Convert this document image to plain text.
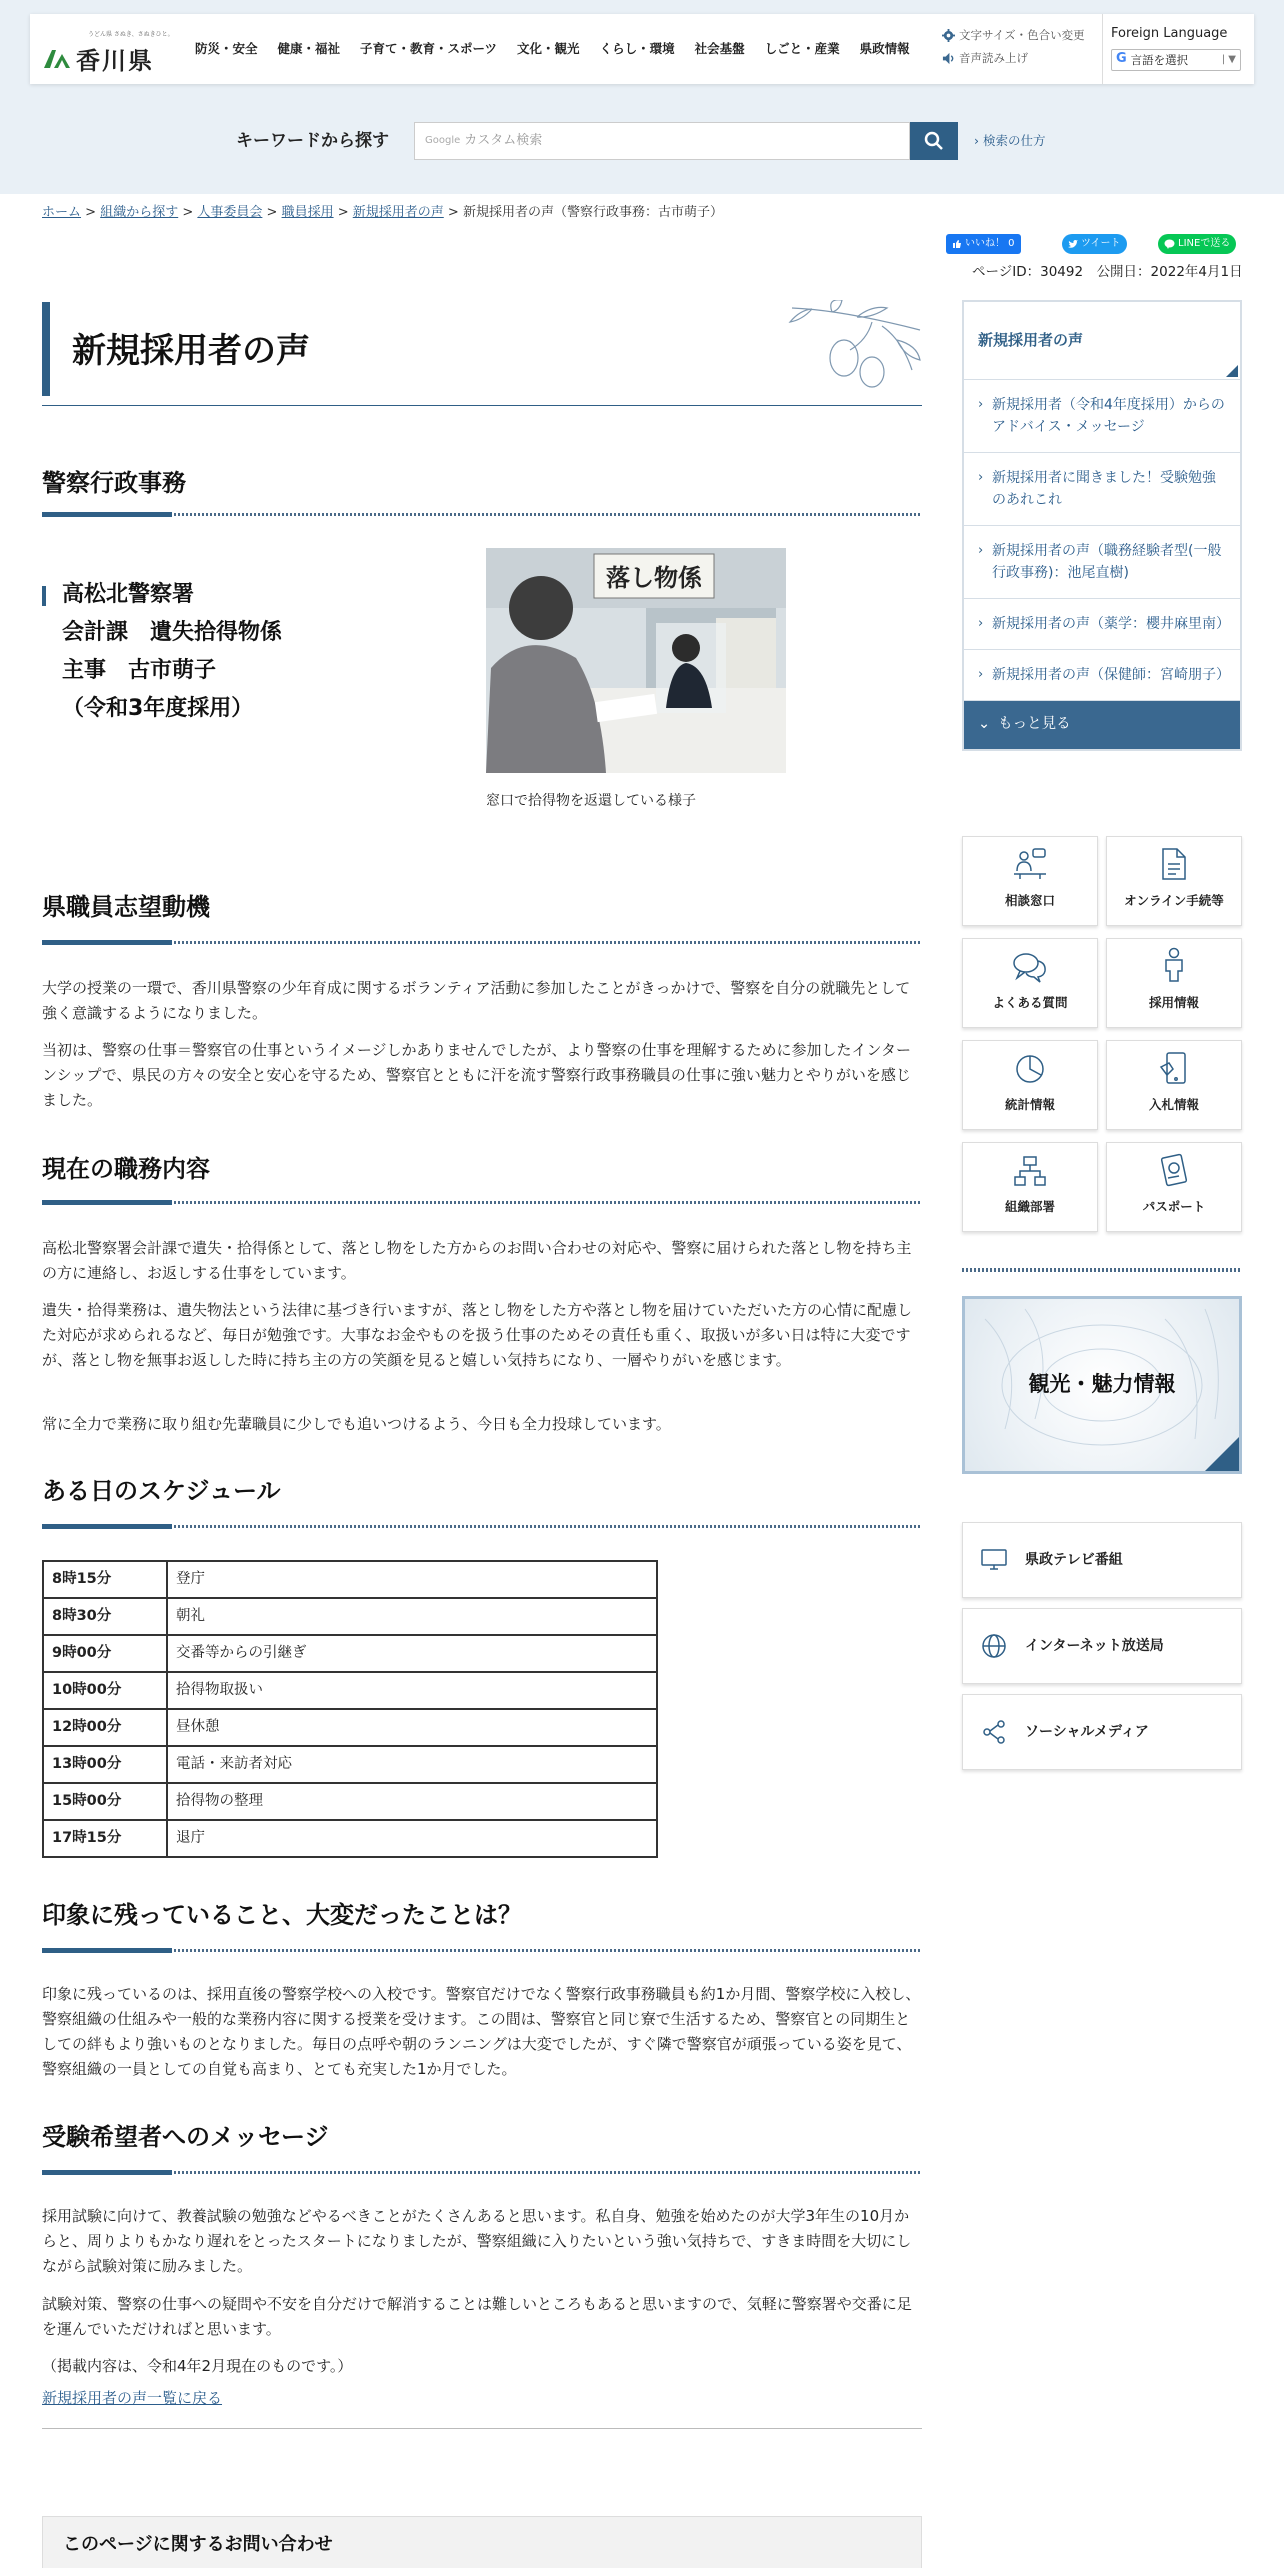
うどん県 さぬき、さぬきひと。
香川県	防災・安全 健康・福祉 子育て・教育・スポーツ 文化・観光 くらし・環境 社会基盤 しごと・産業 県政情報
文字サイズ・色合い変更
音声読み上げ
Foreign Language
G 言語を選択	| ▼
キーワードから探す	Google カスタム検索	› 検索の仕方
ホーム > 組織から探す > 人事委員会 > 職員採用 > 新規採用者の声 > 新規採用者の声（警察行政事務：古市萌子）
いいね！ 0	ツイート	LINEで送る
ページID：30492　 公開日：2022年4月1日
新規採用者の声
警察行政事務
高松北警察署
会計課　遺失拾得物係
主事　古市萌子
（令和3年度採用）
落し物係
窓口で拾得物を返還している様子
県職員志望動機

大学の授業の一環で、香川県警察の少年育成に関するボランティア活動に参加したことがきっかけで、警察を自分の就職先として強く意識するようになりました。

当初は、警察の仕事＝警察官の仕事というイメージしかありませんでしたが、より警察の仕事を理解するために参加したインターンシップで、県民の方々の安全と安心を守るため、警察官とともに汗を流す警察行政事務職員の仕事に強い魅力とやりがいを感じました。

現在の職務内容

高松北警察署会計課で遺失・拾得係として、落とし物をした方からのお問い合わせの対応や、警察に届けられた落とし物を持ち主の方に連絡し、お返しする仕事をしています。

遺失・拾得業務は、遺失物法という法律に基づき行いますが、落とし物をした方や落とし物を届けていただいた方の心情に配慮した対応が求められるなど、毎日が勉強です。大事なお金やものを扱う仕事のためその責任も重く、取扱いが多い日は特に大変ですが、落とし物を無事お返しした時に持ち主の方の笑顔を見ると嬉しい気持ちになり、一層やりがいを感じます。

常に全力で業務に取り組む先輩職員に少しでも追いつけるよう、今日も全力投球しています。

ある日のスケジュール
8時15分	登庁
8時30分	朝礼
9時00分	交番等からの引継ぎ
10時00分	拾得物取扱い
12時00分	昼休憩
13時00分	電話・来訪者対応
15時00分	拾得物の整理
17時15分	退庁
印象に残っていること、大変だったことは？

印象に残っているのは、採用直後の警察学校への入校です。警察官だけでなく警察行政事務職員も約1か月間、警察学校に入校し、警察組織の仕組みや一般的な業務内容に関する授業を受けます。この間は、警察官と同じ寮で生活するため、警察官との同期生としての絆もより強いものとなりました。毎日の点呼や朝のランニングは大変でしたが、すぐ隣で警察官が頑張っている姿を見て、警察組織の一員としての自覚も高まり、とても充実した1か月でした。

受験希望者へのメッセージ

採用試験に向けて、教養試験の勉強などやるべきことがたくさんあると思います。私自身、勉強を始めたのが大学3年生の10月からと、周りよりもかなり遅れをとったスタートになりましたが、警察組織に入りたいという強い気持ちで、すきま時間を大切にしながら試験対策に励みました。

試験対策、警察の仕事への疑問や不安を自分だけで解消することは難しいところもあると思いますので、気軽に警察署や交番に足を運んでいただければと思います。

（掲載内容は、令和4年2月現在のものです。）

新規採用者の声一覧に戻る
このページに関するお問い合わせ
新規採用者の声
› 新規採用者（令和4年度採用）からのアドバイス・メッセージ
› 新規採用者に聞きました！受験勉強のあれこれ
› 新規採用者の声（職務経験者型(一般行政事務)：池尾直樹)
› 新規採用者の声（薬学：櫻井麻里南）
› 新規採用者の声（保健師：宮崎朋子）
⌄ もっと見る
相談窓口	オンライン手続等
よくある質問	採用情報
統計情報	入札情報
組織部署	パスポート
観光・魅力情報
県政テレビ番組
インターネット放送局
ソーシャルメディア
